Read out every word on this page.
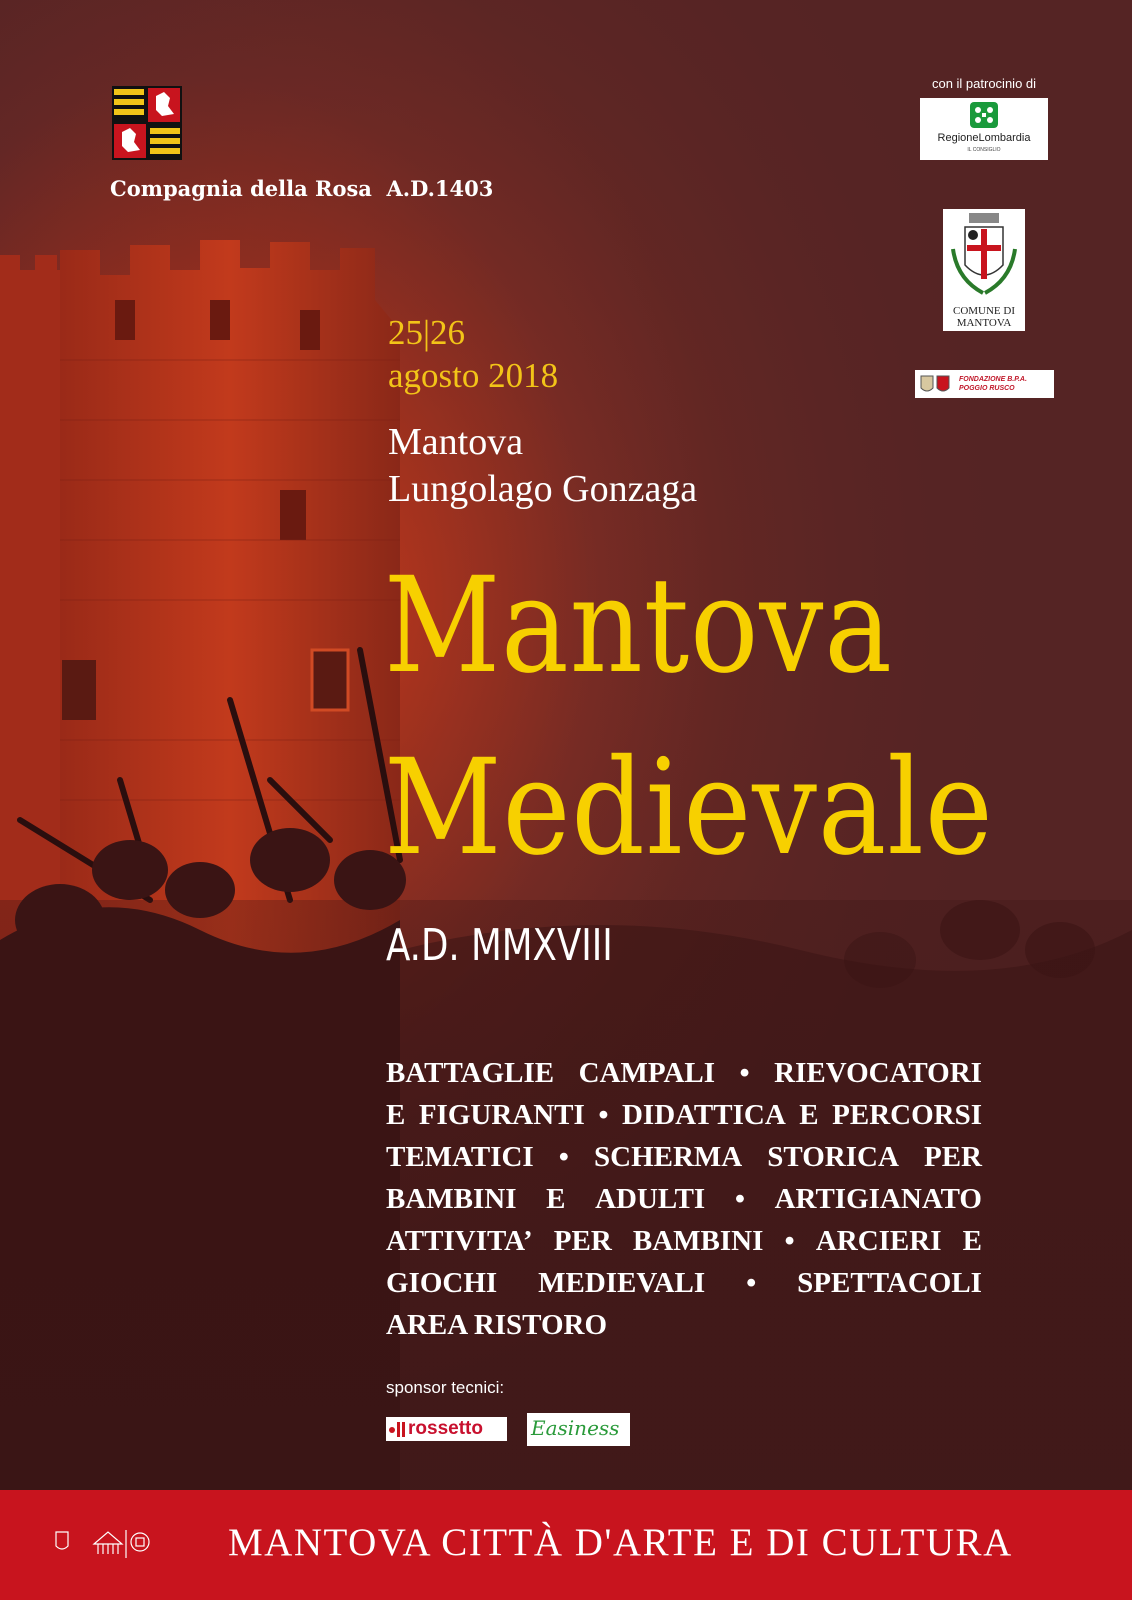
Compagnia della Rosa  A.D.1403
con il patrocinio di
RegioneLombardia
IL CONSIGLIO
COMUNE DI
MANTOVA
FONDAZIONE B.P.A.
POGGIO RUSCO
25|26
agosto 2018
Mantova
Lungolago Gonzaga
Mantova
Medievale
A.D. MMXVIII
BATTAGLIE CAMPALI • RIEVOCATORI
E FIGURANTI • DIDATTICA E PERCORSI
TEMATICI • SCHERMA STORICA PER
BAMBINI E ADULTI • ARTIGIANATO
ATTIVITA’ PER BAMBINI • ARCIERI E
GIOCHI MEDIEVALI • SPETTACOLI
AREA RISTORO
sponsor tecnici:
rossetto Easiness
MANTOVA CITTÀ D'ARTE E DI CULTURA
